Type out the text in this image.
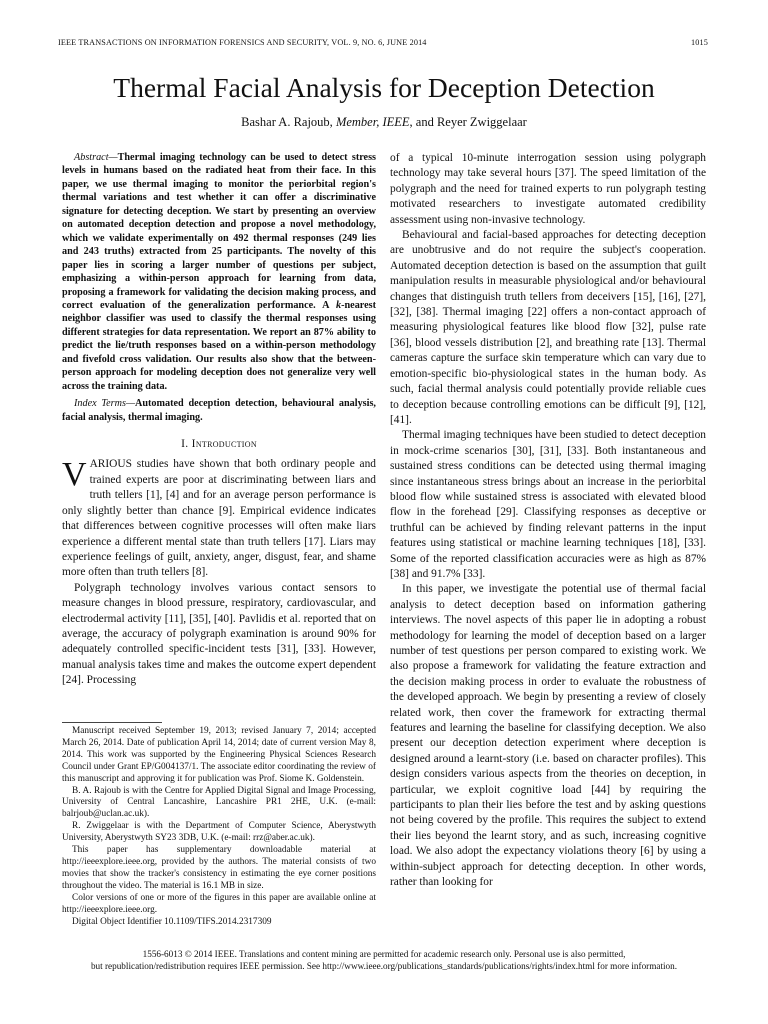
IEEE TRANSACTIONS ON INFORMATION FORENSICS AND SECURITY, VOL. 9, NO. 6, JUNE 2014	1015
Thermal Facial Analysis for Deception Detection
Bashar A. Rajoub, Member, IEEE, and Reyer Zwiggelaar

Abstract—Thermal imaging technology can be used to detect stress levels in humans based on the radiated heat from their face. In this paper, we use thermal imaging to monitor the periorbital region's thermal variations and test whether it can offer a discriminative signature for detecting deception. We start by presenting an overview on automated deception detection and propose a novel methodology, which we validate experimentally on 492 thermal responses (249 lies and 243 truths) extracted from 25 participants. The novelty of this paper lies in scoring a larger number of questions per subject, emphasizing a within-person approach for learning from data, proposing a framework for validating the decision making process, and correct evaluation of the generalization performance. A k-nearest neighbor classifier was used to classify the thermal responses using different strategies for data representation. We report an 87% ability to predict the lie/truth responses based on a within-person methodology and fivefold cross validation. Our results also show that the between-person approach for modeling deception does not generalize very well across the training data.

Index Terms—Automated deception detection, behavioural analysis, facial analysis, thermal imaging.

I. Introduction

VARIOUS studies have shown that both ordinary people and trained experts are poor at discriminating between liars and truth tellers [1], [4] and for an average person performance is only slightly better than chance [9]. Empirical evidence indicates that differences between cognitive processes will often make liars experience a different mental state than truth tellers [17]. Liars may experience feelings of guilt, anxiety, anger, disgust, fear, and shame more often than truth tellers [8].

Polygraph technology involves various contact sensors to measure changes in blood pressure, respiratory, cardiovascular, and electrodermal activity [11], [35], [40]. Pavlidis et al. reported that on average, the accuracy of polygraph examination is around 90% for adequately controlled specific-incident tests [31], [33]. However, manual analysis takes time and makes the outcome expert dependent [24]. Processing

Manuscript received September 19, 2013; revised January 7, 2014; accepted March 26, 2014. Date of publication April 14, 2014; date of current version May 8, 2014. This work was supported by the Engineering Physical Sciences Research Council under Grant EP/G004137/1. The associate editor coordinating the review of this manuscript and approving it for publication was Prof. Siome K. Goldenstein.

B. A. Rajoub is with the Centre for Applied Digital Signal and Image Processing, University of Central Lancashire, Lancashire PR1 2HE, U.K. (e-mail: balrjoub@uclan.ac.uk).

R. Zwiggelaar is with the Department of Computer Science, Aberystwyth University, Aberystwyth SY23 3DB, U.K. (e-mail: rrz@aber.ac.uk).

This paper has supplementary downloadable material at http://ieeexplore.ieee.org, provided by the authors. The material consists of two movies that show the tracker's consistency in estimating the eye corner positions throughout the video. The material is 16.1 MB in size.

Color versions of one or more of the figures in this paper are available online at http://ieeexplore.ieee.org.

Digital Object Identifier 10.1109/TIFS.2014.2317309

of a typical 10-minute interrogation session using polygraph technology may take several hours [37]. The speed limitation of the polygraph and the need for trained experts to run polygraph testing motivated researchers to investigate automated credibility assessment using non-invasive technology.

Behavioural and facial-based approaches for detecting deception are unobtrusive and do not require the subject's cooperation. Automated deception detection is based on the assumption that guilt manipulation results in measurable physiological and/or behavioural changes that distinguish truth tellers from deceivers [15], [16], [27], [32], [38]. Thermal imaging [22] offers a non-contact approach of measuring physiological features like blood flow [32], pulse rate [36], blood vessels distribution [2], and breathing rate [13]. Thermal cameras capture the surface skin temperature which can vary due to emotion-specific bio-physiological states in the human body. As such, facial thermal analysis could potentially provide reliable cues to deception because controlling emotions can be difficult [9], [12], [41].

Thermal imaging techniques have been studied to detect deception in mock-crime scenarios [30], [31], [33]. Both instantaneous and sustained stress conditions can be detected using thermal imaging since instantaneous stress brings about an increase in the periorbital blood flow while sustained stress is associated with elevated blood flow in the forehead [29]. Classifying responses as deceptive or truthful can be achieved by finding relevant patterns in the input features using statistical or machine learning techniques [18], [33]. Some of the reported classification accuracies were as high as 87% [38] and 91.7% [33].

In this paper, we investigate the potential use of thermal facial analysis to detect deception based on information gathering interviews. The novel aspects of this paper lie in adopting a robust methodology for learning the model of deception based on a larger number of test questions per person compared to existing work. We also propose a framework for validating the feature extraction and the decision making process in order to evaluate the robustness of the developed approach. We begin by presenting a review of closely related work, then cover the framework for extracting thermal features and learning the baseline for classifying deception. We also present our deception detection experiment where deception is designed around a learnt-story (i.e. based on character profiles). This design considers various aspects from the theories on deception, in particular, we exploit cognitive load [44] by requiring the participants to plan their lies before the test and by asking questions not being covered by the profile. This requires the subject to extend their lies beyond the learnt story, and as such, increasing cognitive load. We also adopt the expectancy violations theory [6] by using a within-subject approach for detecting deception. In other words, rather than looking for

1556-6013 © 2014 IEEE. Translations and content mining are permitted for academic research only. Personal use is also permitted,
but republication/redistribution requires IEEE permission. See http://www.ieee.org/publications_standards/publications/rights/index.html for more information.
